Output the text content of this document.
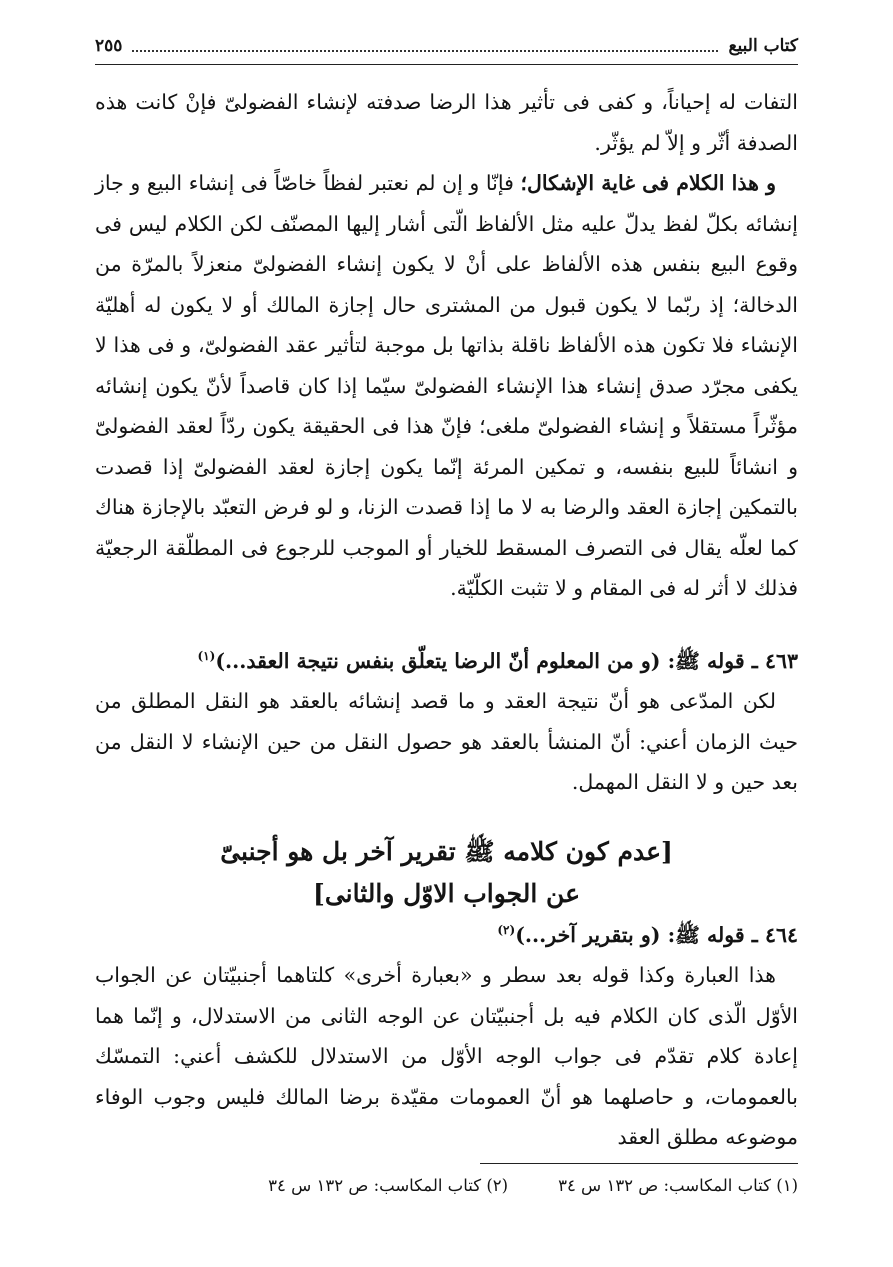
كتاب البيع
٢٥٥

التفات له إحياناً، و كفى فى تأثير هذا الرضا صدفته لإنشاء الفضولىّ فإنْ كانت هذه الصدفة أثّر و إلاّ لم يؤثّر.

و هذا الكلام فى غاية الإشكال؛ فإنّا و إن لم نعتبر لفظاً خاصّاً فى إنشاء البيع و جاز إنشائه بكلّ لفظ يدلّ عليه مثل الألفاظ الّتى أشار إليها المصنّف لكن الكلام ليس فى وقوع البيع بنفس هذه الألفاظ على أنْ لا يكون إنشاء الفضولىّ منعزلاً بالمرّة من الدخالة؛ إذ ربّما لا يكون قبول من المشترى حال إجازة المالك أو لا يكون له أهليّة الإنشاء فلا تكون هذه الألفاظ ناقلة بذاتها بل موجبة لتأثير عقد الفضولىّ، و فى هذا لا يكفى مجرّد صدق إنشاء هذا الإنشاء الفضولىّ سيّما إذا كان قاصداً لأنّ يكون إنشائه مؤثّراً مستقلاً و إنشاء الفضولىّ ملغى؛ فإنّ هذا فى الحقيقة يكون ردّاً لعقد الفضولىّ و انشائاً للبيع بنفسه، و تمكين المرئة إنّما يكون إجازة لعقد الفضولىّ إذا قصدت بالتمكين إجازة العقد والرضا به لا ما إذا قصدت الزنا، و لو فرض التعبّد بالإجازة هناك كما لعلّه يقال فى التصرف المسقط للخيار أو الموجب للرجوع فى المطلّقة الرجعيّة فذلك لا أثر له فى المقام و لا تثبت الكلّيّة.

٤٦٣ ـ قوله ﷺ: (و من المعلوم أنّ الرضا يتعلّق بنفس نتيجة العقد...)$^{(١)}$

لكن المدّعى هو أنّ نتيجة العقد و ما قصد إنشائه بالعقد هو النقل المطلق من حيث الزمان أعني: أنّ المنشأ بالعقد هو حصول النقل من حين الإنشاء لا النقل من بعد حين و لا النقل المهمل.

[عدم كون كلامه ﷺ تقرير آخر بل هو أجنبىّ
عن الجواب الاوّل والثانى]

٤٦٤ ـ قوله ﷺ: (و بتقرير آخر...)$^{(٢)}$

هذا العبارة وكذا قوله بعد سطر و «بعبارة أخرى» كلتاهما أجنبيّتان عن الجواب الأوّل الّذى كان الكلام فيه بل أجنبيّتان عن الوجه الثانى من الاستدلال، و إنّما هما إعادة كلام تقدّم فى جواب الوجه الأوّل من الاستدلال للكشف أعني: التمسّك بالعمومات، و حاصلهما هو أنّ العمومات مقيّدة برضا المالك فليس وجوب الوفاء موضوعه مطلق العقد

(١) كتاب المكاسب: ص ١٣٢ س ٣٤
(٢) كتاب المكاسب: ص ١٣٢ س ٣٤
